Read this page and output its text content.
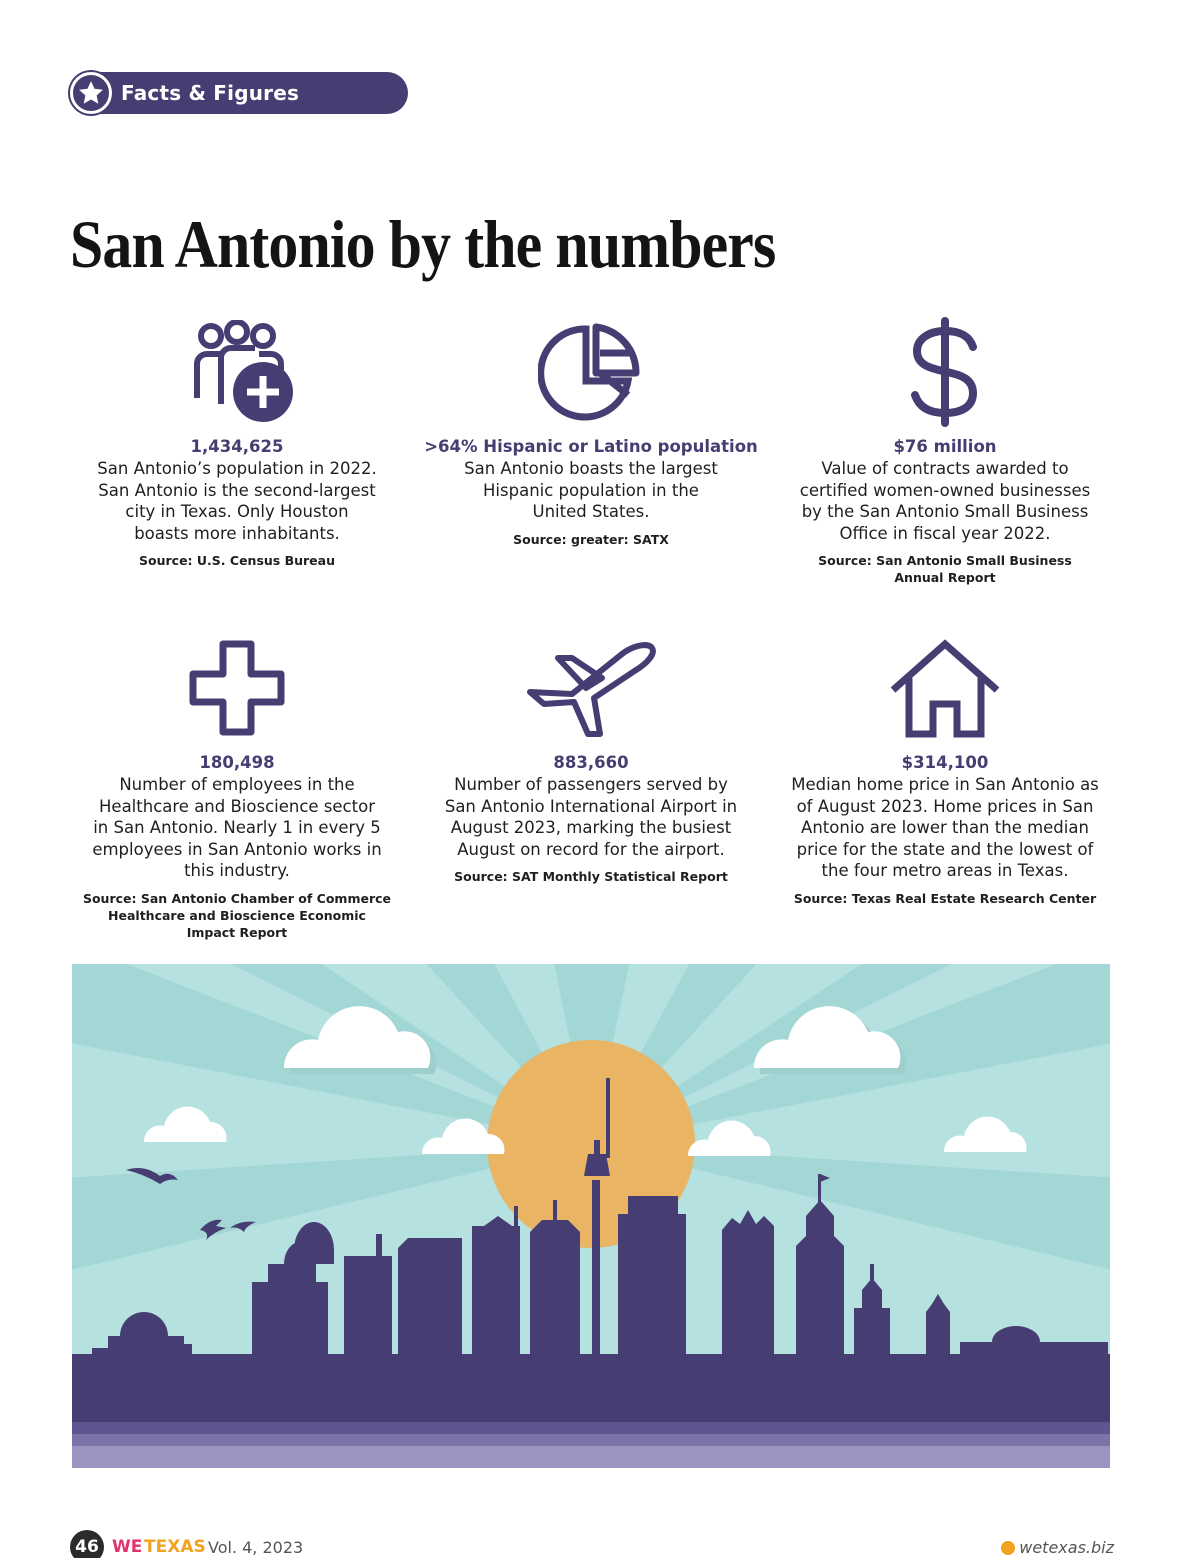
Facts & Figures
San Antonio by the numbers
1,434,625
San Antonio’s population in 2022.
San Antonio is the second-largest
city in Texas. Only Houston
boasts more inhabitants.
Source: U.S. Census Bureau
>64% Hispanic or Latino population
San Antonio boasts the largest
Hispanic population in the
United States.
Source: greater: SATX
$76 million
Value of contracts awarded to
certified women-owned businesses
by the San Antonio Small Business
Office in fiscal year 2022.
Source: San Antonio Small Business
Annual Report
180,498
Number of employees in the
Healthcare and Bioscience sector
in San Antonio. Nearly 1 in every 5
employees in San Antonio works in
this industry.
Source: San Antonio Chamber of Commerce
Healthcare and Bioscience Economic
Impact Report
883,660
Number of passengers served by
San Antonio International Airport in
August 2023, marking the busiest
August on record for the airport.
Source: SAT Monthly Statistical Report
$314,100
Median home price in San Antonio as
of August 2023. Home prices in San
Antonio are lower than the median
price for the state and the lowest of
the four metro areas in Texas.
Source: Texas Real Estate Research Center
46 WE TEXAS Vol. 4, 2023	wetexas.biz
